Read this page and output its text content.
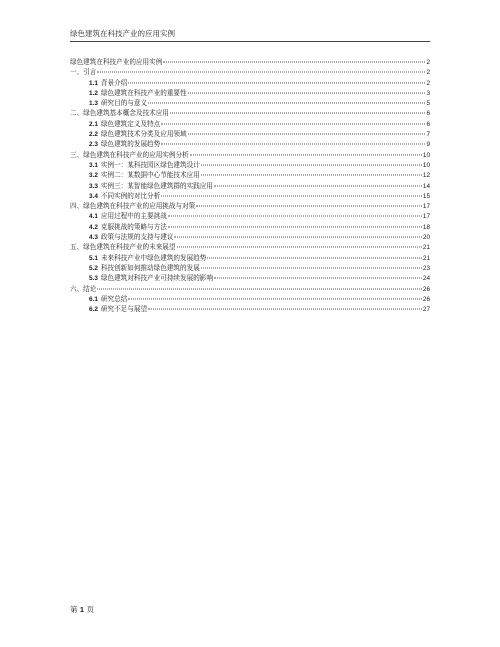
绿色建筑在科技产业的应用实例
绿色建筑在科技产业的应用实例	2
一、引言	2
1.1 背景介绍	2
1.2 绿色建筑在科技产业的重要性	3
1.3 研究目的与意义	5
二、绿色建筑基本概念及技术应用	6
2.1 绿色建筑定义及特点	6
2.2 绿色建筑技术分类及应用领域	7
2.3 绿色建筑的发展趋势	9
三、绿色建筑在科技产业的应用实例分析	10
3.1 实例一：某科技园区绿色建筑设计	10
3.2 实例二：某数据中心节能技术应用	12
3.3 实例三：某智能绿色建筑群的实践应用	14
3.4 不同实例的对比分析	15
四、绿色建筑在科技产业的应用挑战与对策	17
4.1 应用过程中的主要挑战	17
4.2 克服挑战的策略与方法	18
4.3 政策与法规的支持与建议	20
五、绿色建筑在科技产业的未来展望	21
5.1 未来科技产业中绿色建筑的发展趋势	21
5.2 科技创新如何推动绿色建筑的发展	23
5.3 绿色建筑对科技产业可持续发展的影响	24
六、结论	26
6.1 研究总结	26
6.2 研究不足与展望	27
第 1 页
